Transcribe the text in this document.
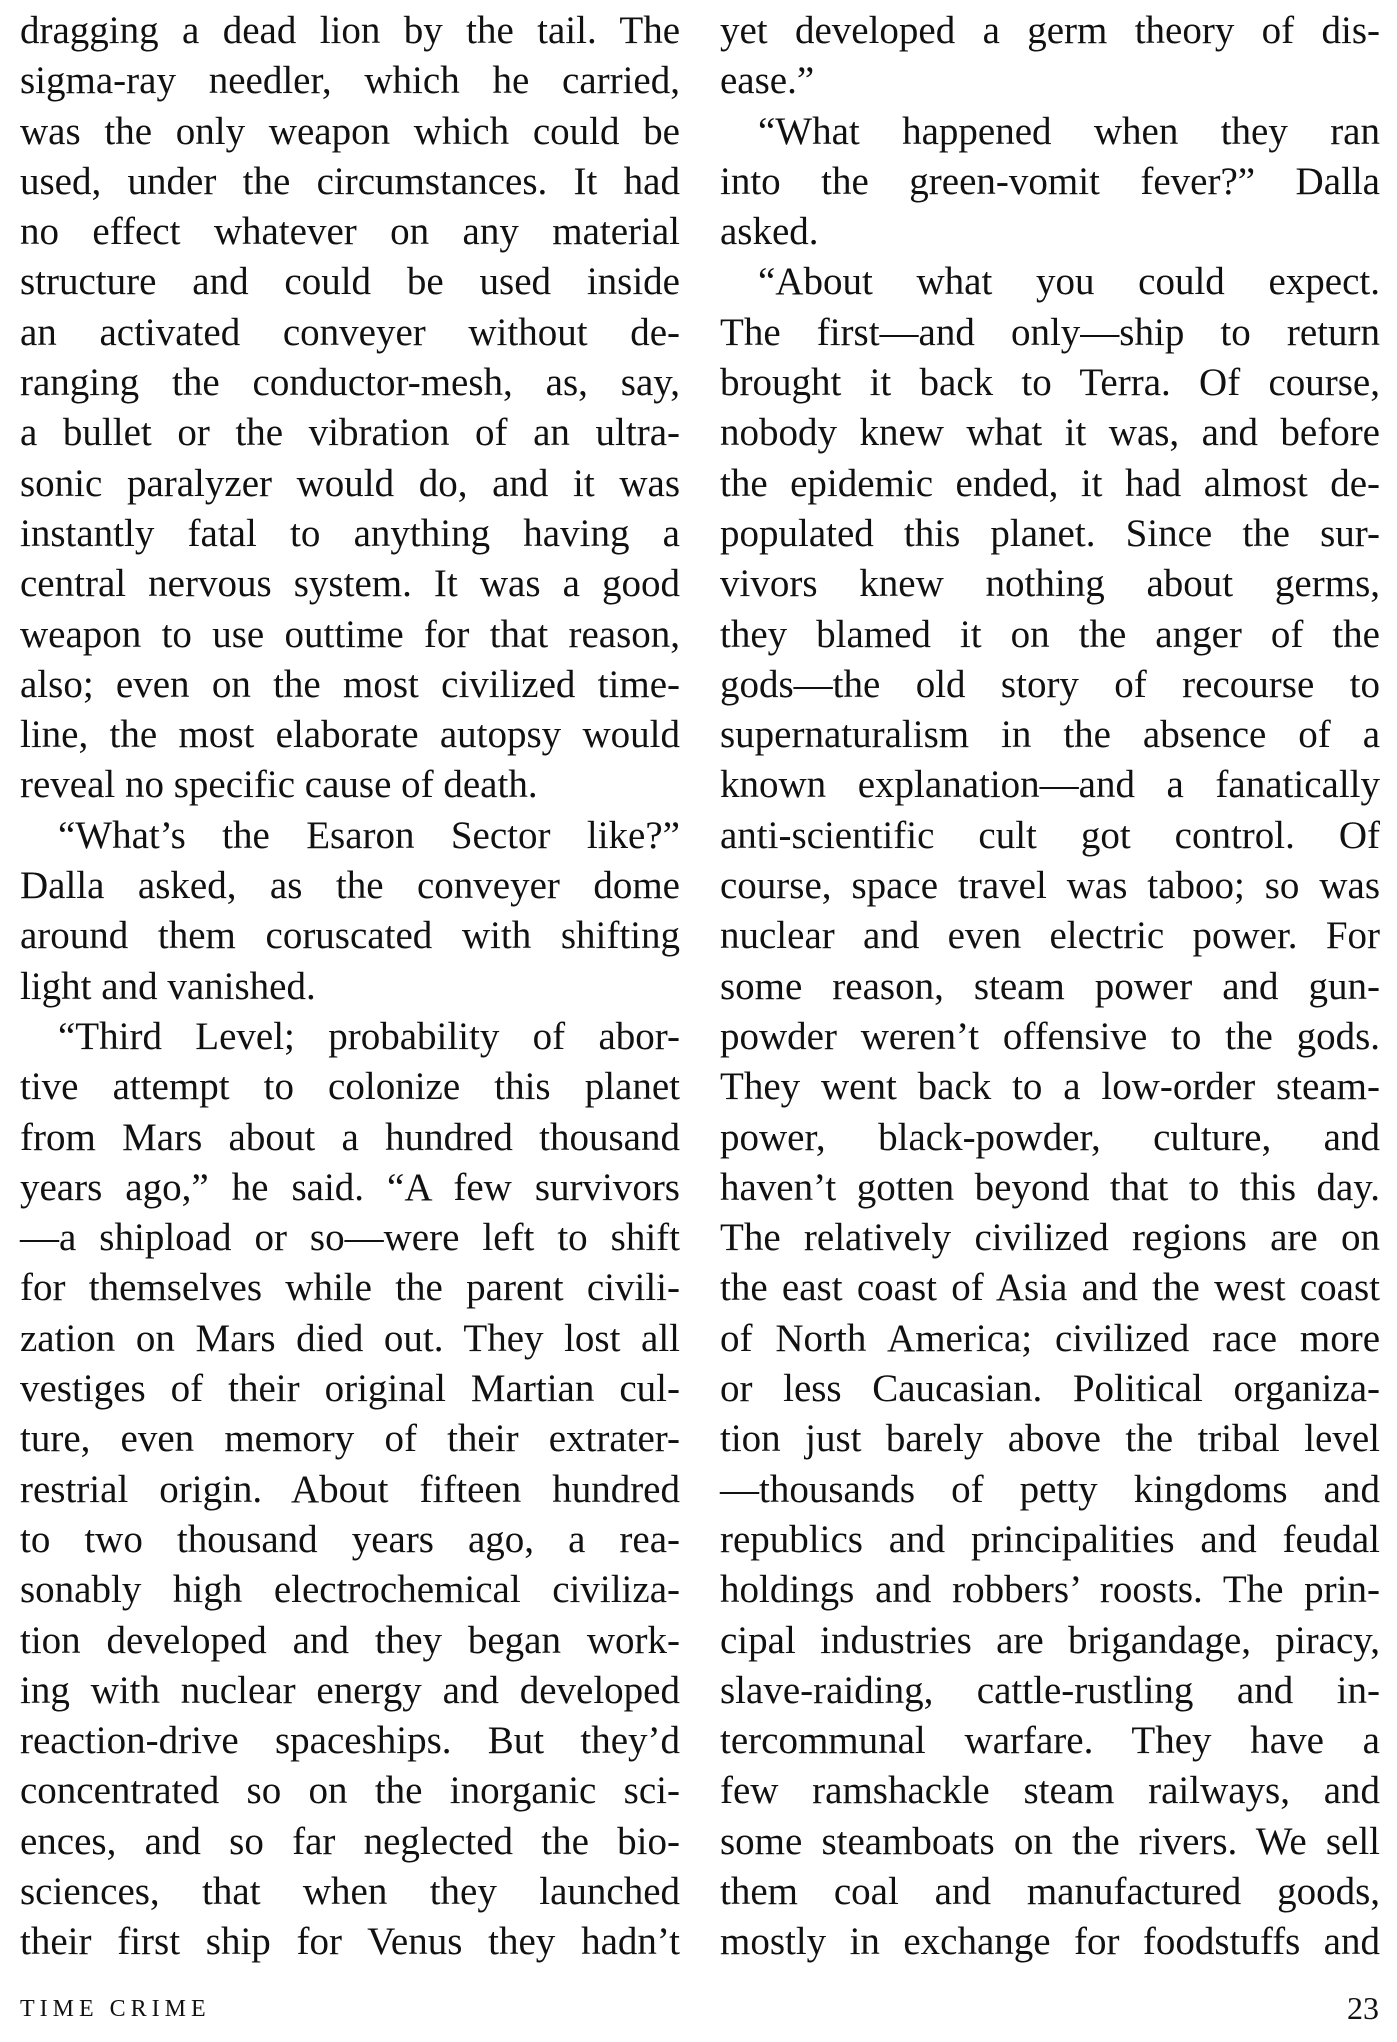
dragging a dead lion by the tail. The
sigma-ray needler, which he carried,
was the only weapon which could be
used, under the circumstances. It had
no effect whatever on any material
structure and could be used inside
an activated conveyer without de-
ranging the conductor-mesh, as, say,
a bullet or the vibration of an ultra-
sonic paralyzer would do, and it was
instantly fatal to anything having a
central nervous system. It was a good
weapon to use outtime for that reason,
also; even on the most civilized time-
line, the most elaborate autopsy would
reveal no specific cause of death.
“What’s the Esaron Sector like?”
Dalla asked, as the conveyer dome
around them coruscated with shifting
light and vanished.
“Third Level; probability of abor-
tive attempt to colonize this planet
from Mars about a hundred thousand
years ago,” he said. “A few survivors
—a shipload or so—were left to shift
for themselves while the parent civili-
zation on Mars died out. They lost all
vestiges of their original Martian cul-
ture, even memory of their extrater-
restrial origin. About fifteen hundred
to two thousand years ago, a rea-
sonably high electrochemical civiliza-
tion developed and they began work-
ing with nuclear energy and developed
reaction-drive spaceships. But they’d
concentrated so on the inorganic sci-
ences, and so far neglected the bio-
sciences, that when they launched
their first ship for Venus they hadn’t
yet developed a germ theory of dis-
ease.”
“What happened when they ran
into the green-vomit fever?” Dalla
asked.
“About what you could expect.
The first—and only—ship to return
brought it back to Terra. Of course,
nobody knew what it was, and before
the epidemic ended, it had almost de-
populated this planet. Since the sur-
vivors knew nothing about germs,
they blamed it on the anger of the
gods—the old story of recourse to
supernaturalism in the absence of a
known explanation—and a fanatically
anti-scientific cult got control. Of
course, space travel was taboo; so was
nuclear and even electric power. For
some reason, steam power and gun-
powder weren’t offensive to the gods.
They went back to a low-order steam-
power, black-powder, culture, and
haven’t gotten beyond that to this day.
The relatively civilized regions are on
the east coast of Asia and the west coast
of North America; civilized race more
or less Caucasian. Political organiza-
tion just barely above the tribal level
—thousands of petty kingdoms and
republics and principalities and feudal
holdings and robbers’ roosts. The prin-
cipal industries are brigandage, piracy,
slave-raiding, cattle-rustling and in-
tercommunal warfare. They have a
few ramshackle steam railways, and
some steamboats on the rivers. We sell
them coal and manufactured goods,
mostly in exchange for foodstuffs and
TIME CRIME	23
